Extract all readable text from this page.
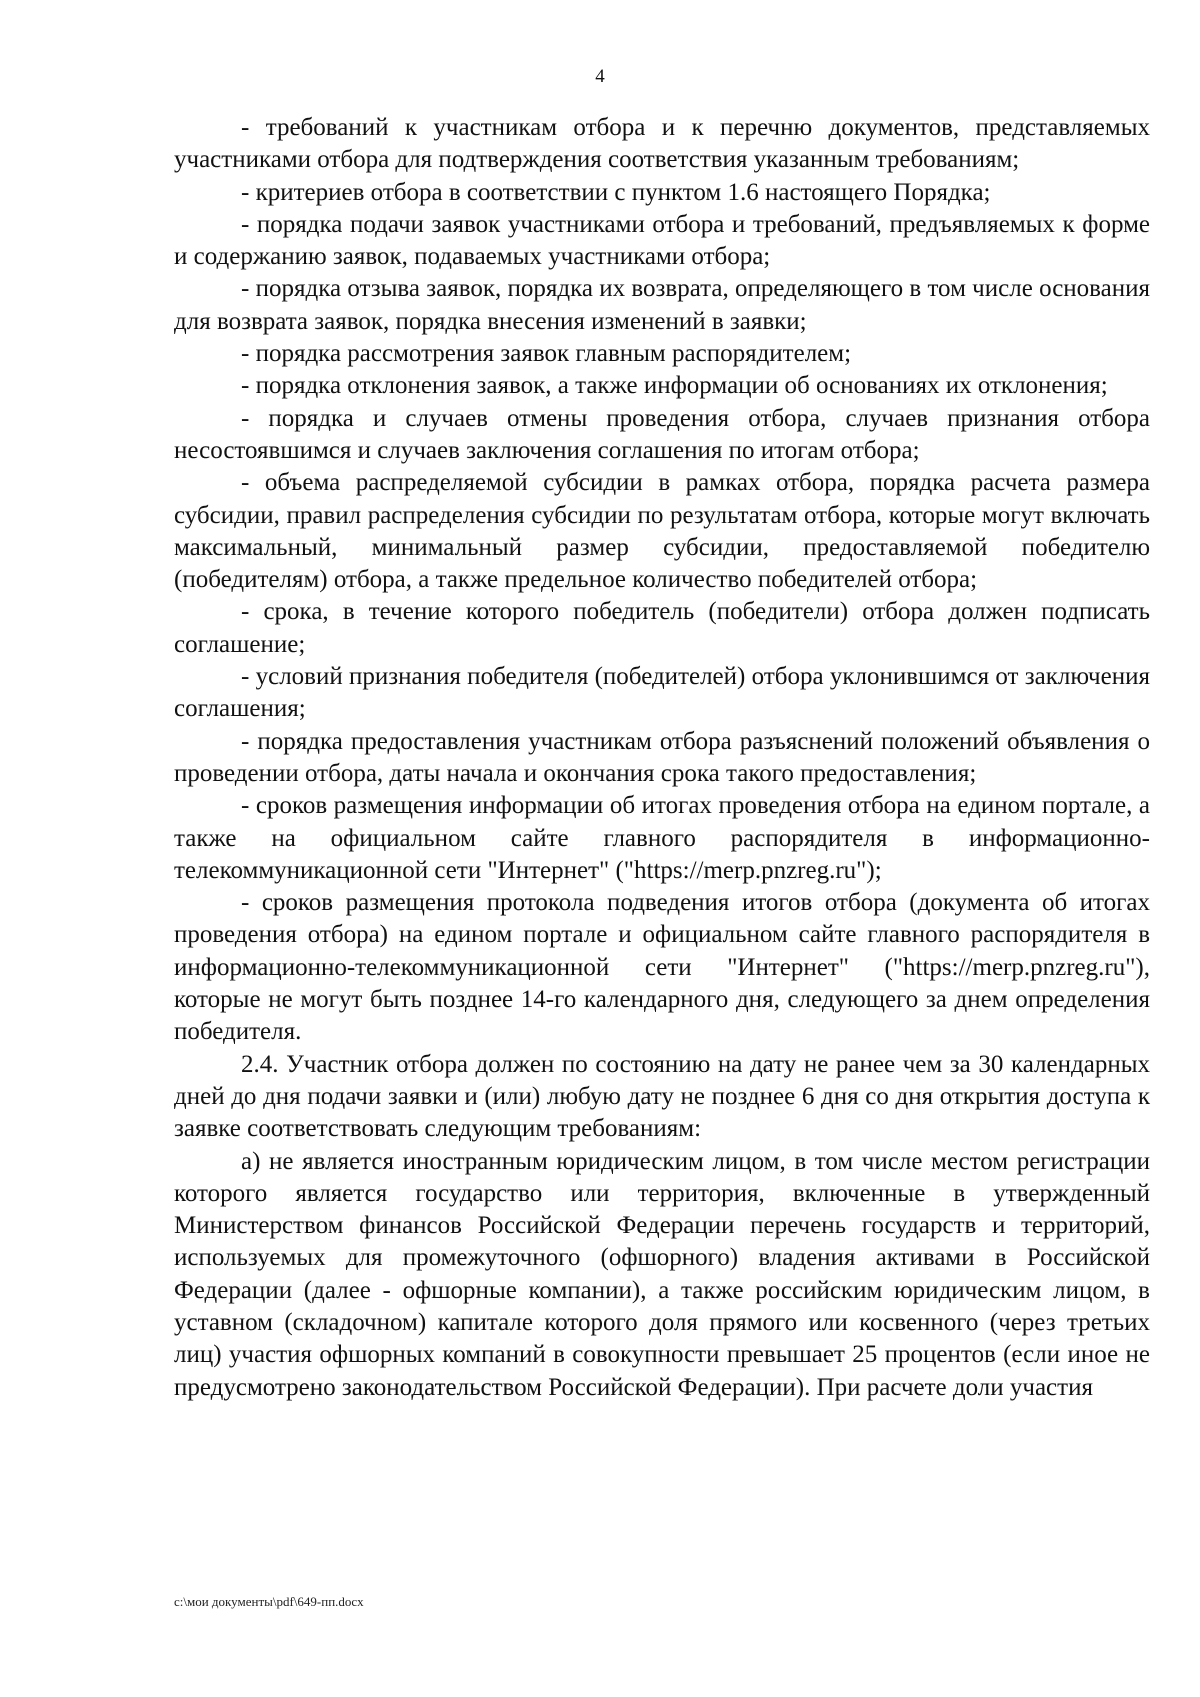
4

- требований к участникам отбора и к перечню документов, представляемых участниками отбора для подтверждения соответствия указанным требованиям;

- критериев отбора в соответствии с пунктом 1.6 настоящего Порядка;

- порядка подачи заявок участниками отбора и требований, предъявляемых к форме и содержанию заявок, подаваемых участниками отбора;

- порядка отзыва заявок, порядка их возврата, определяющего в том числе основания для возврата заявок, порядка внесения изменений в заявки;

- порядка рассмотрения заявок главным распорядителем;

- порядка отклонения заявок, а также информации об основаниях их отклонения;

- порядка и случаев отмены проведения отбора, случаев признания отбора несостоявшимся и случаев заключения соглашения по итогам отбора;

- объема распределяемой субсидии в рамках отбора, порядка расчета размера субсидии, правил распределения субсидии по результатам отбора, которые могут включать максимальный, минимальный размер субсидии, предоставляемой победителю (победителям) отбора, а также предельное количество победителей отбора;

- срока, в течение которого победитель (победители) отбора должен подписать соглашение;

- условий признания победителя (победителей) отбора уклонившимся от заключения соглашения;

- порядка предоставления участникам отбора разъяснений положений объявления о проведении отбора, даты начала и окончания срока такого предоставления;

- сроков размещения информации об итогах проведения отбора на едином портале, а также на официальном сайте главного распорядителя в информационно-телекоммуникационной сети "Интернет" ("https://merp.pnzreg.ru");

- сроков размещения протокола подведения итогов отбора (документа об итогах проведения отбора) на едином портале и официальном сайте главного распорядителя в информационно-телекоммуникационной сети "Интернет" ("https://merp.pnzreg.ru"), которые не могут быть позднее 14-го календарного дня, следующего за днем определения победителя.

2.4. Участник отбора должен по состоянию на дату не ранее чем за 30 календарных дней до дня подачи заявки и (или) любую дату не позднее 6 дня со дня открытия доступа к заявке соответствовать следующим требованиям:

а) не является иностранным юридическим лицом, в том числе местом регистрации которого является государство или территория, включенные в утвержденный Министерством финансов Российской Федерации перечень государств и территорий, используемых для промежуточного (офшорного) владения активами в Российской Федерации (далее - офшорные компании), а также российским юридическим лицом, в уставном (складочном) капитале которого доля прямого или косвенного (через третьих лиц) участия офшорных компаний в совокупности превышает 25 процентов (если иное не предусмотрено законодательством Российской Федерации). При расчете доли участия

c:\мои документы\pdf\649-пп.docx
